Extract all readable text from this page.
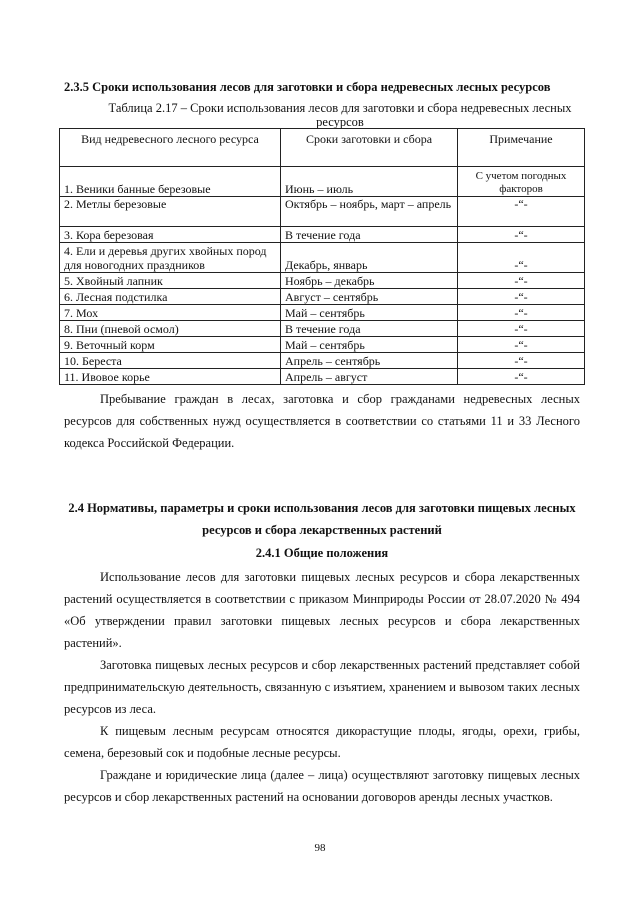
2.3.5 Сроки использования лесов для заготовки и сбора недревесных лесных ресурсов
Таблица 2.17 – Сроки использования лесов для заготовки и сбора недревесных лесных ресурсов
Вид недревесного лесного ресурса	Сроки заготовки и сбора	Примечание
1. Веники банные березовые	Июнь – июль	С учетом погодных факторов
2. Метлы березовые	Октябрь – ноябрь, март – апрель	-“-
3. Кора березовая	В течение года	-“-
4. Ели и деревья других хвойных пород для новогодних праздников	Декабрь, январь	-“-
5. Хвойный лапник	Ноябрь – декабрь	-“-
6. Лесная подстилка	Август – сентябрь	-“-
7. Мох	Май – сентябрь	-“-
8. Пни (пневой осмол)	В течение года	-“-
9. Веточный корм	Май – сентябрь	-“-
10. Береста	Апрель – сентябрь	-“-
11. Ивовое корье	Апрель – август	-“-
Пребывание граждан в лесах, заготовка и сбор гражданами недревесных лесных ресурсов для собственных нужд осуществляется в соответствии со статьями 11 и 33 Лесного кодекса Российской Федерации.
2.4 Нормативы, параметры и сроки использования лесов для заготовки пищевых лесных ресурсов и сбора лекарственных растений
2.4.1 Общие положения
Использование лесов для заготовки пищевых лесных ресурсов и сбора лекарственных растений осуществляется в соответствии с приказом Минприроды России от 28.07.2020 № 494 «Об утверждении правил заготовки пищевых лесных ресурсов и сбора лекарственных растений».
Заготовка пищевых лесных ресурсов и сбор лекарственных растений представляет собой предпринимательскую деятельность, связанную с изъятием, хранением и вывозом таких лесных ресурсов из леса.
К пищевым лесным ресурсам относятся дикорастущие плоды, ягоды, орехи, грибы, семена, березовый сок и подобные лесные ресурсы.
Граждане и юридические лица (далее – лица) осуществляют заготовку пищевых лесных ресурсов и сбор лекарственных растений на основании договоров аренды лесных участков.
98
